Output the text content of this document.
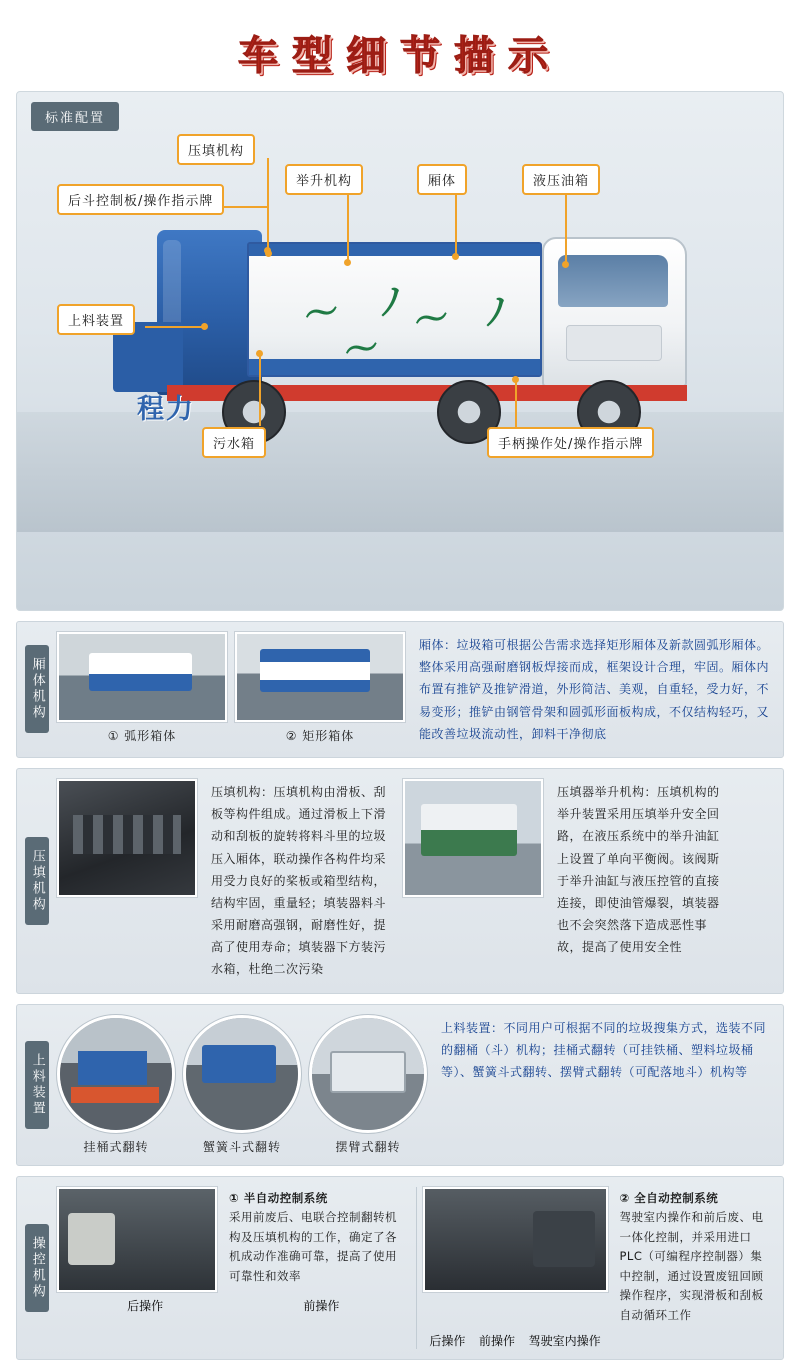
车型细节描示
标准配置
〜 ノ
〜 ノ
〜
程力
压填机构
举升机构	厢体	液压油箱
后斗控制板/操作指示牌
上料装置
污水箱	手柄操作处/操作指示牌
厢体机构
① 弧形箱体	② 矩形箱体
厢体：垃圾箱可根据公告需求选择矩形厢体及新款圆弧形厢体。整体采用高强耐磨钢板焊接而成，框架设计合理，牢固。厢体内布置有推铲及推铲滑道，外形简洁、美观，自重轻，受力好，不易变形；推铲由钢管骨架和圆弧形面板构成，不仅结构轻巧，又能改善垃圾流动性，卸料干净彻底
压填机构
压填机构：压填机构由滑板、刮板等构件组成。通过滑板上下滑动和刮板的旋转将料斗里的垃圾压入厢体，联动操作各构件均采用受力良好的桨板或箱型结构，结构牢固，重量轻；填装器料斗采用耐磨高强钢，耐磨性好，提高了使用寿命；填装器下方装污水箱，杜绝二次污染
压填器举升机构：压填机构的举升装置采用压填举升安全回路，在液压系统中的举升油缸上设置了单向平衡阀。该阀斯于举升油缸与液压控管的直接连接，即使油管爆裂，填装器也不会突然落下造成恶性事故，提高了使用安全性
上料装置
挂桶式翻转	蟹簧斗式翻转	摆臂式翻转
上料装置：不同用户可根据不同的垃圾搜集方式，选装不同的翻桶（斗）机构；挂桶式翻转（可挂铁桶、塑料垃圾桶等）、蟹簧斗式翻转、摆臂式翻转（可配落地斗）机构等
操控机构
① 半自动控制系统
采用前废后、电联合控制翻转机构及压填机构的工作，确定了各机成动作准确可靠，提高了使用可靠性和效率
后操作	前操作
② 全自动控制系统
驾驶室内操作和前后废、电一体化控制，并采用进口PLC（可编程序控制器）集中控制，通过设置废钮回顾操作程序，实现滑板和刮板自动循环工作
后操作 前操作 驾驶室内操作
